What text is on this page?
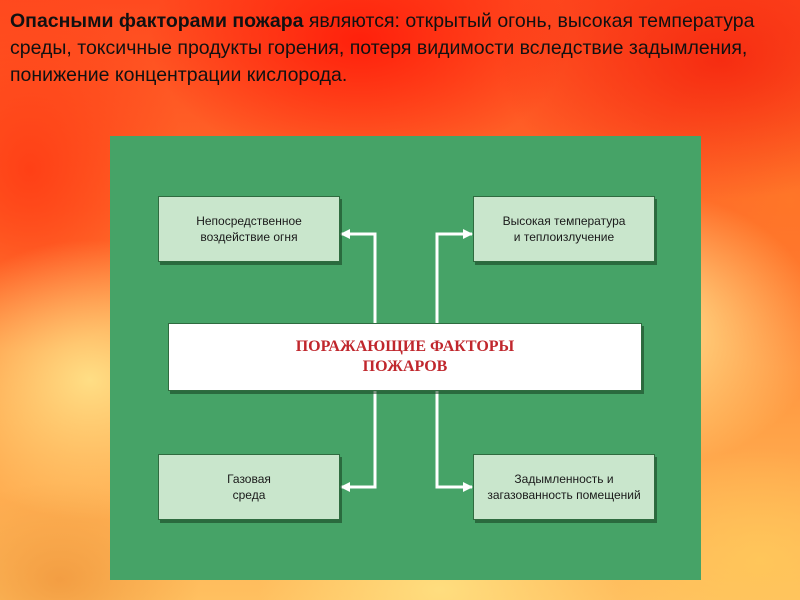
Опасными факторами пожара являются: открытый огонь, высокая температура среды, токсичные продукты горения, потеря видимости вследствие задымления, понижение концентрации кислорода.
Непосредственное
воздействие огня
Высокая температура
и теплоизлучение
ПОРАЖАЮЩИЕ ФАКТОРЫ
ПОЖАРОВ
Газовая
среда
Задымленность и
загазованность помещений
